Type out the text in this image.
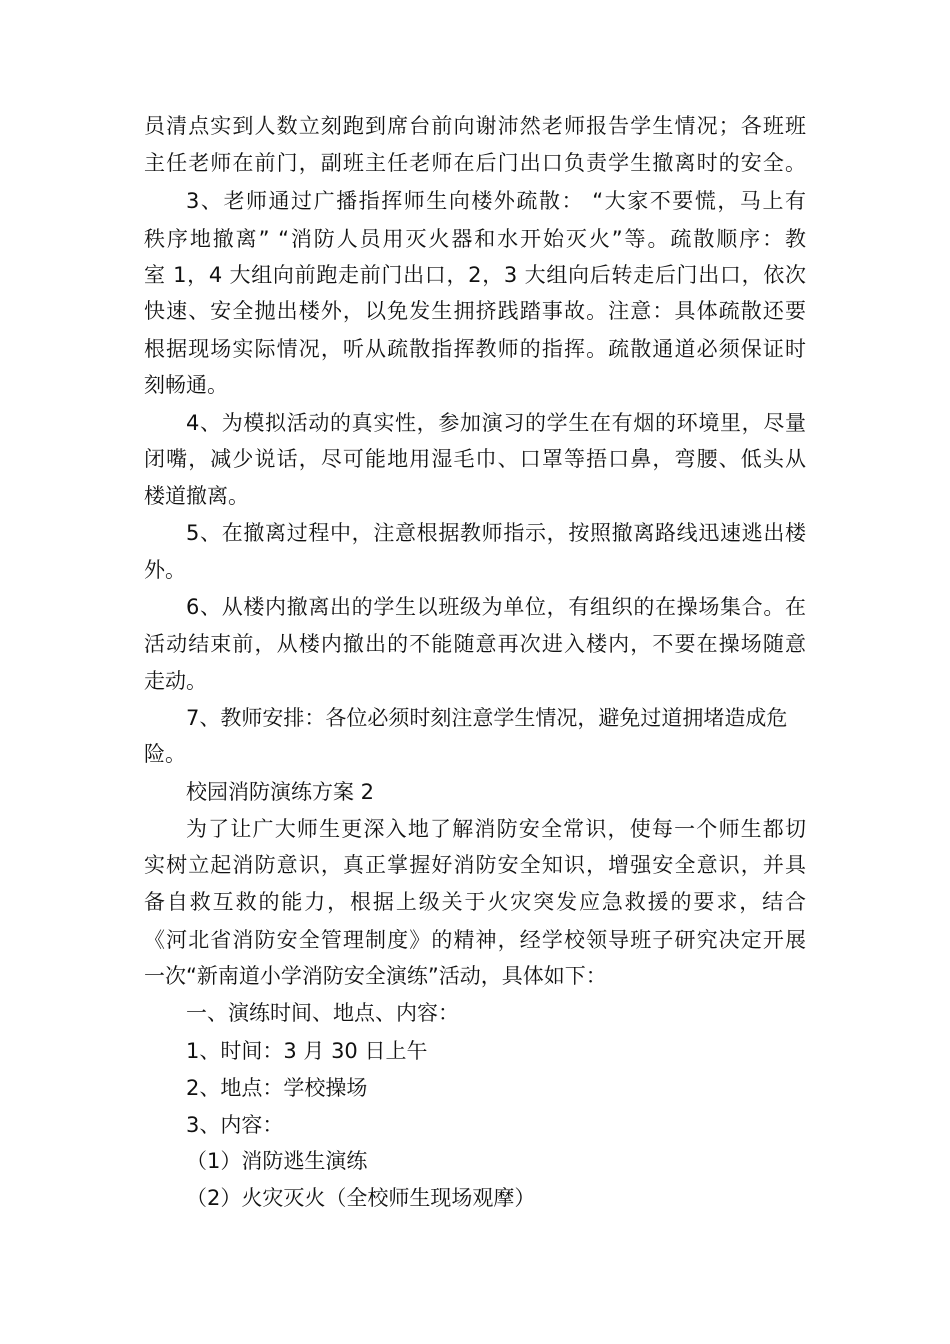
员清点实到人数立刻跑到席台前向谢沛然老师报告学生情况；各班班
主任老师在前门，副班主任老师在后门出口负责学生撤离时的安全。
3、老师通过广播指挥师生向楼外疏散： “大家不要慌，马上有
秩序地撤离” “消防人员用灭火器和水开始灭火”等。疏散顺序：教
室 1，4 大组向前跑走前门出口，2，3 大组向后转走后门出口，依次
快速、安全抛出楼外，以免发生拥挤践踏事故。注意：具体疏散还要
根据现场实际情况，听从疏散指挥教师的指挥。疏散通道必须保证时
刻畅通。
4、为模拟活动的真实性，参加演习的学生在有烟的环境里，尽量
闭嘴，减少说话，尽可能地用湿毛巾、口罩等捂口鼻，弯腰、低头从
楼道撤离。
5、在撤离过程中，注意根据教师指示，按照撤离路线迅速逃出楼
外。
6、从楼内撤离出的学生以班级为单位，有组织的在操场集合。在
活动结束前，从楼内撤出的不能随意再次进入楼内，不要在操场随意
走动。
7、教师安排：各位必须时刻注意学生情况，避免过道拥堵造成危
险。
校园消防演练方案 2
为了让广大师生更深入地了解消防安全常识，使每一个师生都切
实树立起消防意识，真正掌握好消防安全知识，增强安全意识，并具
备自救互救的能力，根据上级关于火灾突发应急救援的要求，结合
《河北省消防安全管理制度》的精神，经学校领导班子研究决定开展
一次“新南道小学消防安全演练”活动，具体如下：
一、演练时间、地点、内容：
1、时间：3 月 30 日上午
2、地点：学校操场
3、内容：
（1）消防逃生演练
（2）火灾灭火（全校师生现场观摩）
